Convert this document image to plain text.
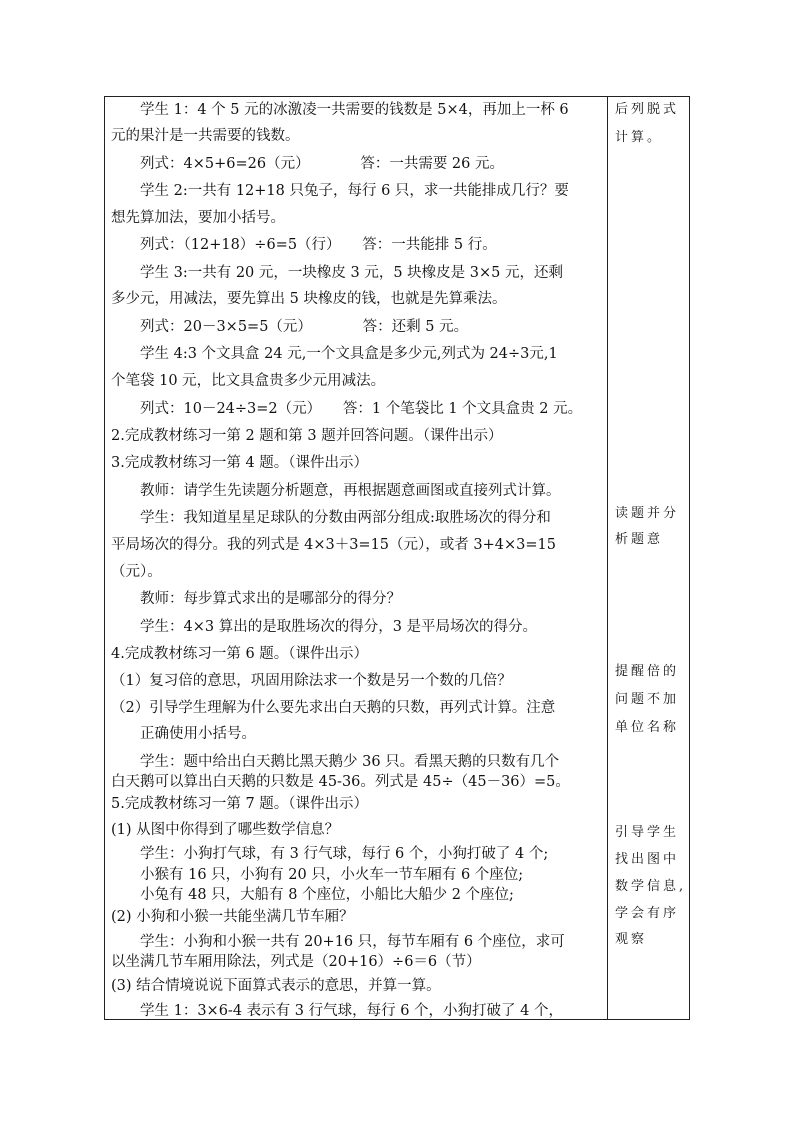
　　学生 1：4 个 5 元的冰激凌一共需要的钱数是 5×4，再加上一杯 6
元的果汁是一共需要的钱数。
　　列式：4×5+6=26（元）　　　　答：一共需要 26 元。
　　学生 2:一共有 12+18 只兔子，每行 6 只，求一共能排成几行？要
想先算加法，要加小括号。
　　列式：（12+18）÷6=5（行）　　答：一共能排 5 行。
　　学生 3:一共有 20 元，一块橡皮 3 元，5 块橡皮是 3×5 元，还剩
多少元，用减法，要先算出 5 块橡皮的钱，也就是先算乘法。
　　列式：20－3×5=5（元）　　　　答：还剩 5 元。
　　学生 4:3 个文具盒 24 元,一个文具盒是多少元,列式为 24÷3元,1
个笔袋 10 元，比文具盒贵多少元用减法。
　　列式：10－24÷3=2（元）　　答：1 个笔袋比 1 个文具盒贵 2 元。
2.完成教材练习一第 2 题和第 3 题并回答问题。（课件出示）
3.完成教材练习一第 4 题。（课件出示）
　　教师：请学生先读题分析题意，再根据题意画图或直接列式计算。
　　学生：我知道星星足球队的分数由两部分组成:取胜场次的得分和
平局场次的得分。我的列式是 4×3＋3=15（元），或者 3+4×3=15
（元）。
　　教师：每步算式求出的是哪部分的得分？
　　学生：4×3 算出的是取胜场次的得分，3 是平局场次的得分。
4.完成教材练习一第 6 题。（课件出示）
（1）复习倍的意思，巩固用除法求一个数是另一个数的几倍？
（2）引导学生理解为什么要先求出白天鹅的只数，再列式计算。注意
　　正确使用小括号。
　　学生：题中给出白天鹅比黑天鹅少 36 只。看黑天鹅的只数有几个
白天鹅可以算出白天鹅的只数是 45-36。列式是 45÷（45－36）=5。
5.完成教材练习一第 7 题。（课件出示）
(1) 从图中你得到了哪些数学信息？
　　学生：小狗打气球，有 3 行气球，每行 6 个，小狗打破了 4 个;
　　小猴有 16 只，小狗有 20 只，小火车一节车厢有 6 个座位;
　　小兔有 48 只，大船有 8 个座位，小船比大船少 2 个座位;
(2) 小狗和小猴一共能坐满几节车厢？
　　学生：小狗和小猴一共有 20+16 只，每节车厢有 6 个座位，求可
以坐满几节车厢用除法，列式是（20+16）÷6＝6（节）
(3) 结合情境说说下面算式表示的意思，并算一算。
　　学生 1：3×6-4 表示有 3 行气球，每行 6 个，小狗打破了 4 个，
后列脱式
计算。
读题并分
析题意
提醒倍的
问题不加
单位名称
引导学生
找出图中
数学信息,
学会有序
观察
